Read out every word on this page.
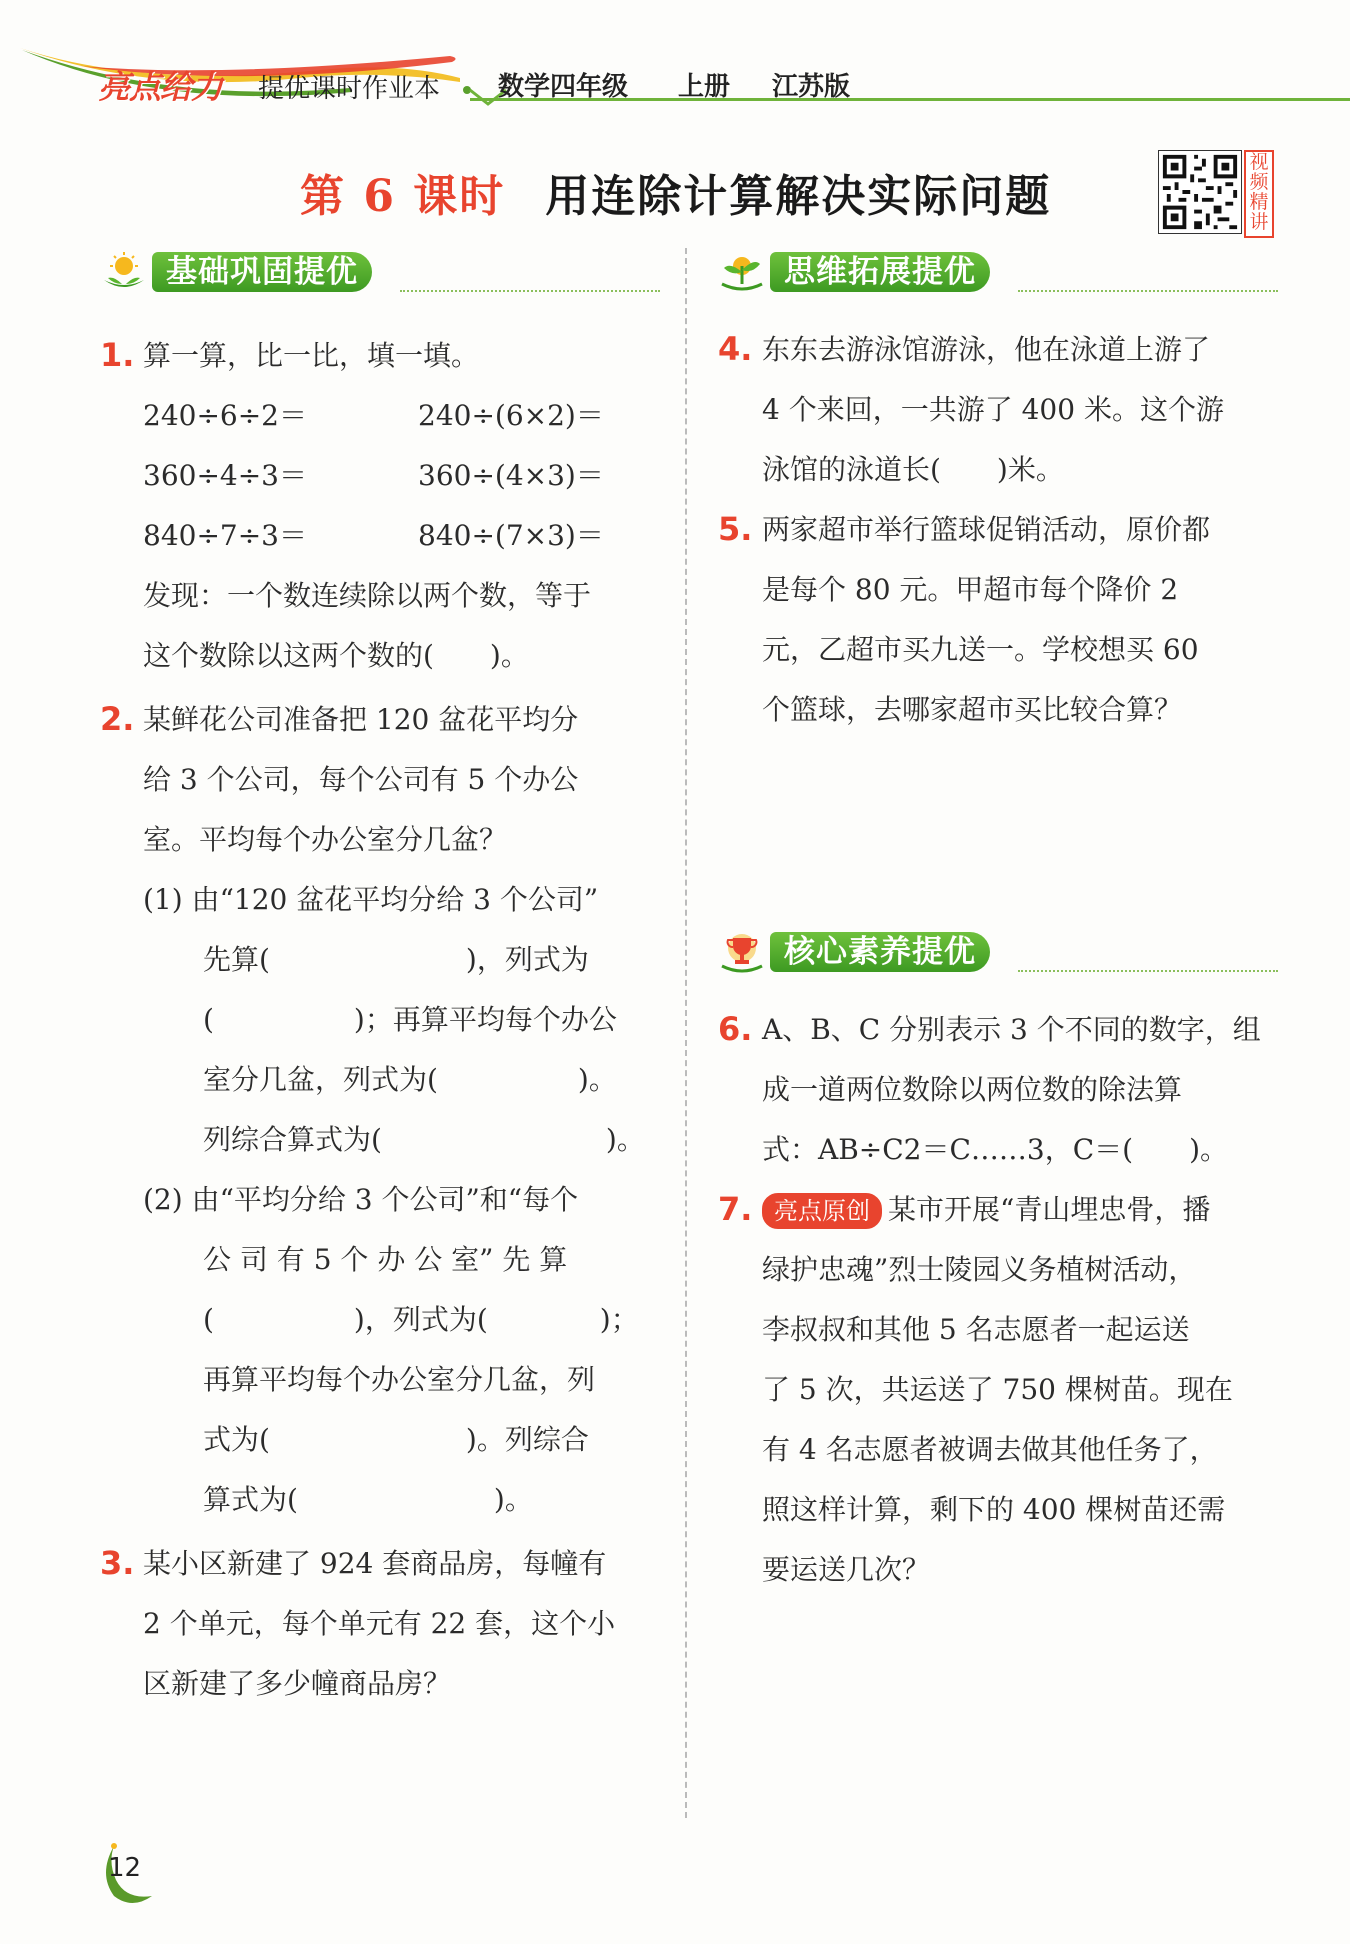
亮点给力 提优课时作业本 数学四年级 上册 江苏版
第 6 课时 用连除计算解决实际问题
视频精讲
基础巩固提优
1. 算一算，比一比，填一填。
240÷6÷2＝	240÷(6×2)＝
360÷4÷3＝	360÷(4×3)＝
840÷7÷3＝	840÷(7×3)＝
发现：一个数连续除以两个数，等于
这个数除以这两个数的(　　)。
2. 某鲜花公司准备把 120 盆花平均分
给 3 个公司，每个公司有 5 个办公
室。平均每个办公室分几盆？
(1) 由“120 盆花平均分给 3 个公司”
先算(　　　　　　　)，列式为
(　　　　　)；再算平均每个办公
室分几盆，列式为(　　　　　)。
列综合算式为(　　　　　　　　)。
(2) 由“平均分给 3 个公司”和“每个
公 司 有 5 个 办 公 室” 先 算
(　　　　　)，列式为(　　　　)；
再算平均每个办公室分几盆，列
式为(　　　　　　　)。列综合
算式为(　　　　　　　)。
3. 某小区新建了 924 套商品房，每幢有
2 个单元，每个单元有 22 套，这个小
区新建了多少幢商品房？
思维拓展提优
4. 东东去游泳馆游泳，他在泳道上游了
4 个来回，一共游了 400 米。这个游
泳馆的泳道长(　　)米。
5. 两家超市举行篮球促销活动，原价都
是每个 80 元。甲超市每个降价 2
元，乙超市买九送一。学校想买 60
个篮球，去哪家超市买比较合算？
核心素养提优
6. A、B、C 分别表示 3 个不同的数字，组
成一道两位数除以两位数的除法算
式：AB÷C2＝C……3，C＝(　　)。
7. 亮点原创 某市开展“青山埋忠骨，播
绿护忠魂”烈士陵园义务植树活动，
李叔叔和其他 5 名志愿者一起运送
了 5 次，共运送了 750 棵树苗。现在
有 4 名志愿者被调去做其他任务了，
照这样计算，剩下的 400 棵树苗还需
要运送几次？
12
